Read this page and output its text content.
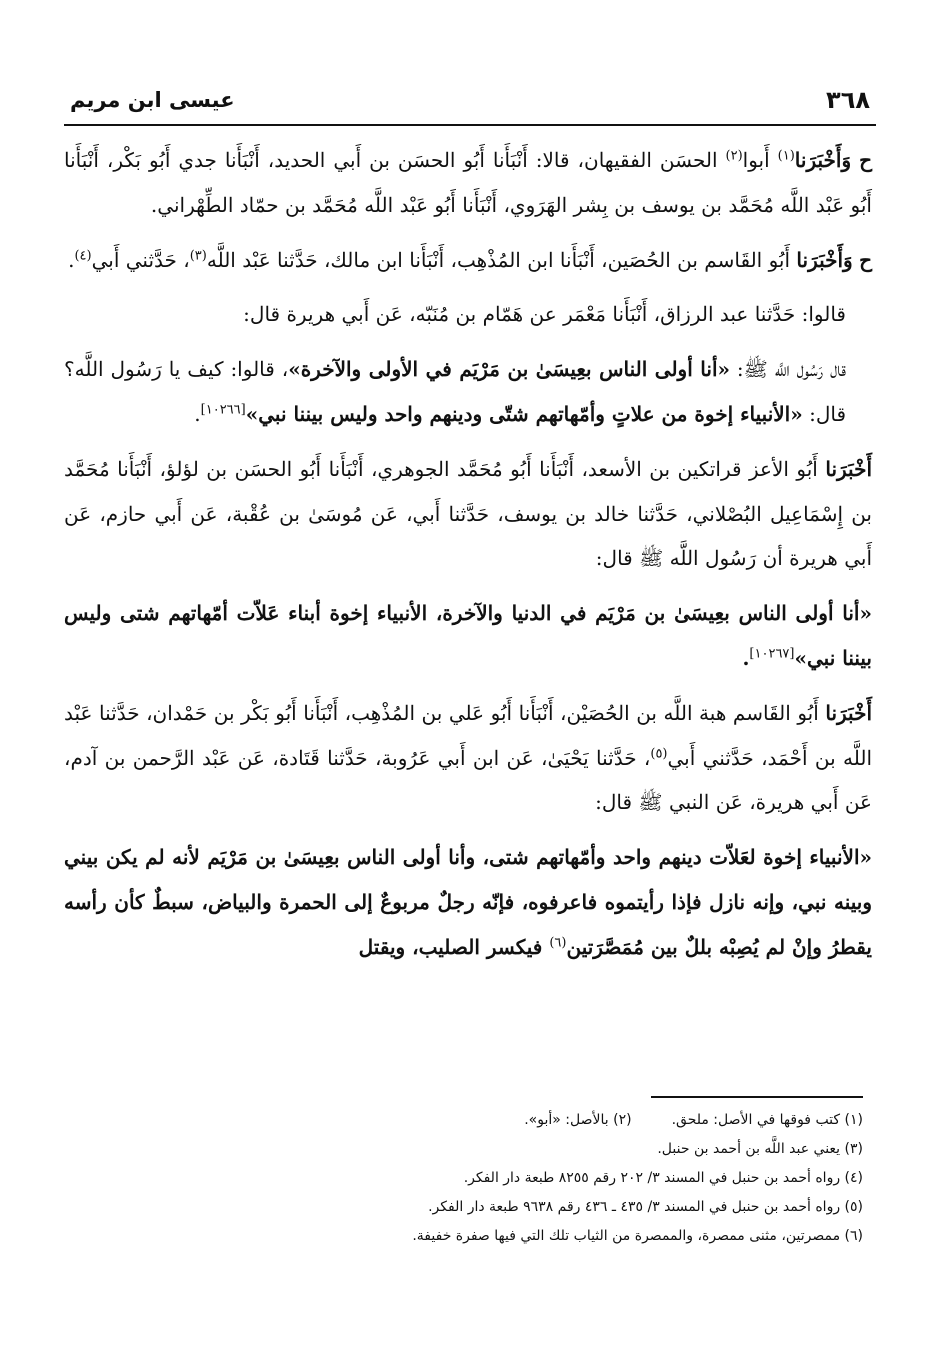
٣٦٨
عيسى ابن مريم

ح وَأَخْبَرَنا$^{(١)}$ أَبوا$^{(٢)}$ الحسَن الفقيهان، قالا: أَنْبَأَنا أَبُو الحسَن بن أَبي الحديد، أَنْبَأَنا جدي أَبُو بَكْر، أَنْبَأَنا أَبُو عَبْد اللَّه مُحَمَّد بن يوسف بن بِشر الهَرَوي، أَنْبَأَنا أَبُو عَبْد اللَّه مُحَمَّد بن حمّاد الطِّهْراني.

ح وَأَخْبَرَنا أَبُو القَاسم بن الحُصَين، أَنْبَأَنا ابن المُذْهِب، أَنْبَأَنا ابن مالك، حَدَّثنا عَبْد اللَّه$^{(٣)}$، حَدَّثني أَبي$^{(٤)}$.

قالوا: حَدَّثنا عبد الرزاق، أَنْبَأَنا مَعْمَر عن هَمّام بن مُنَبّه، عَن أَبي هريرة قال:

قال رَسُول اللَّه ﷺ: «أنا أولى الناس بعِيسَىٰ بن مَرْيَم في الأولى والآخرة»، قالوا: كيف يا رَسُول اللَّه؟ قال: «الأنبياء إخوة من علاتٍ وأمّهاتهم شتّى ودينهم واحد وليس بيننا نبي»[١٠٢٦٦].

أَخْبَرَنا أَبُو الأعز قراتكين بن الأسعد، أَنْبَأَنا أَبُو مُحَمَّد الجوهري، أَنْبَأَنا أَبُو الحسَن بن لؤلؤ، أَنْبَأَنا مُحَمَّد بن إِسْمَاعِيل البُصْلاني، حَدَّثنا خالد بن يوسف، حَدَّثنا أَبي، عَن مُوسَىٰ بن عُقْبة، عَن أَبي حازم، عَن أَبي هريرة أن رَسُول اللَّه ﷺ قال:

«أنا أولى الناس بعِيسَىٰ بن مَرْيَم في الدنيا والآخرة، الأنبياء إخوة أبناء عَلاّت أمّهاتهم شتى وليس بيننا نبي»[١٠٢٦٧].

أَخْبَرَنا أَبُو القَاسم هبة اللَّه بن الحُصَيْن، أَنْبَأَنا أَبُو عَلي بن المُذْهِب، أَنْبَأَنا أَبُو بَكْر بن حَمْدان، حَدَّثنا عَبْد اللَّه بن أَحْمَد، حَدَّثني أَبي$^{(٥)}$، حَدَّثنا يَحْيَىٰ، عَن ابن أَبي عَرُوبة، حَدَّثنا قَتَادة، عَن عَبْد الرَّحمن بن آدم، عَن أَبي هريرة، عَن النبي ﷺ قال:

«الأنبياء إخوة لعَلاّت دينهم واحد وأمّهاتهم شتى، وأنا أولى الناس بعِيسَىٰ بن مَرْيَم لأنه لم يكن بيني وبينه نبي، وإنه نازل فإذا رأيتموه فاعرفوه، فإنّه رجلٌ مربوعٌ إلى الحمرة والبياض، سبطٌ كأن رأسه يقطرُ وإنْ لم يُصِبْه بللٌ بين مُمَصَّرَتين$^{(٦)}$ فيكسر الصليب، ويقتل

(١) كتب فوقها في الأصل: ملحق.
(٢) بالأصل: «أبو».
(٣) يعني عبد اللَّه بن أحمد بن حنبل.
(٤) رواه أحمد بن حنبل في المسند ٣/ ٢٠٢ رقم ٨٢٥٥ طبعة دار الفكر.
(٥) رواه أحمد بن حنبل في المسند ٣/ ٤٣٥ ـ ٤٣٦ رقم ٩٦٣٨ طبعة دار الفكر.
(٦) ممصرتين، مثنى ممصرة، والممصرة من الثياب تلك التي فيها صفرة خفيفة.
